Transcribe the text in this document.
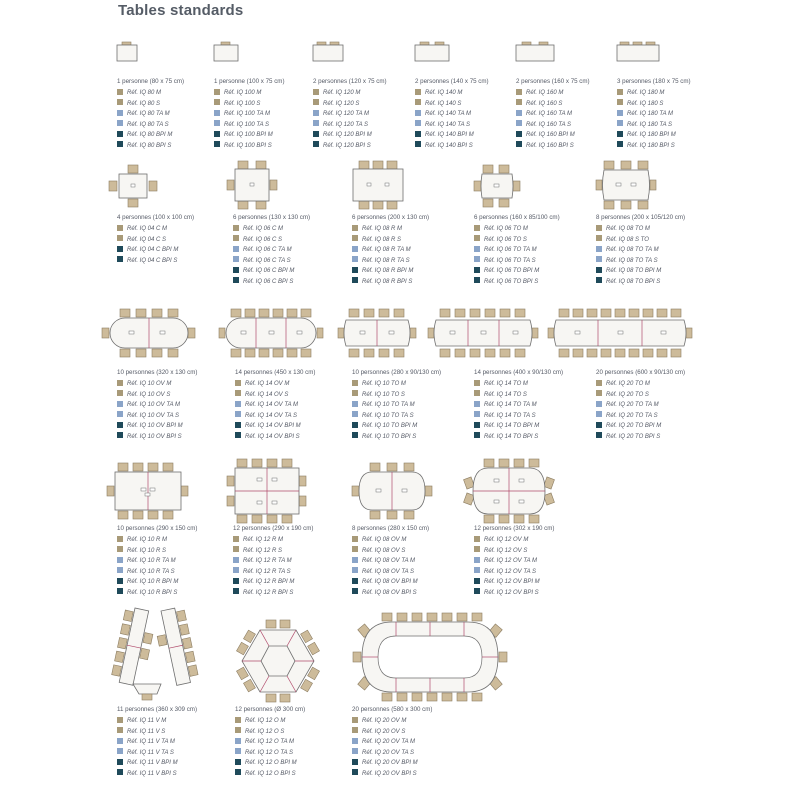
Tables standards
1 personne (80 x 75 cm)
Réf. IQ 80 M
Réf. IQ 80 S
Réf. IQ 80 TA M
Réf. IQ 80 TA S
Réf. IQ 80 BPI M
Réf. IQ 80 BPI S
1 personne (100 x 75 cm)
Réf. IQ 100 M
Réf. IQ 100 S
Réf. IQ 100 TA M
Réf. IQ 100 TA S
Réf. IQ 100 BPI M
Réf. IQ 100 BPI S
2 personnes (120 x 75 cm)
Réf. IQ 120 M
Réf. IQ 120 S
Réf. IQ 120 TA M
Réf. IQ 120 TA S
Réf. IQ 120 BPI M
Réf. IQ 120 BPI S
2 personnes (140 x 75 cm)
Réf. IQ 140 M
Réf. IQ 140 S
Réf. IQ 140 TA M
Réf. IQ 140 TA S
Réf. IQ 140 BPI M
Réf. IQ 140 BPI S
2 personnes (160 x 75 cm)
Réf. IQ 160 M
Réf. IQ 160 S
Réf. IQ 160 TA M
Réf. IQ 160 TA S
Réf. IQ 160 BPI M
Réf. IQ 160 BPI S
3 personnes (180 x 75 cm)
Réf. IQ 180 M
Réf. IQ 180 S
Réf. IQ 180 TA M
Réf. IQ 180 TA S
Réf. IQ 180 BPI M
Réf. IQ 180 BPI S
4 personnes (100 x 100 cm)
Réf. IQ 04 C M
Réf. IQ 04 C S
Réf. IQ 04 C BPI M
Réf. IQ 04 C BPI S
6 personnes (130 x 130 cm)
Réf. IQ 06 C M
Réf. IQ 06 C S
Réf. IQ 06 C TA M
Réf. IQ 06 C TA S
Réf. IQ 06 C BPI M
Réf. IQ 06 C BPI S
6 personnes (200 x 130 cm)
Réf. IQ 08 R M
Réf. IQ 08 R S
Réf. IQ 08 R TA M
Réf. IQ 08 R TA S
Réf. IQ 08 R BPI M
Réf. IQ 08 R BPI S
6 personnes (160 x 85/100 cm)
Réf. IQ 06 TO M
Réf. IQ 06 TO S
Réf. IQ 06 TO TA M
Réf. IQ 06 TO TA S
Réf. IQ 06 TO BPI M
Réf. IQ 06 TO BPI S
8 personnes (200 x 105/120 cm)
Réf. IQ 08 TO M
Réf. IQ 08 S TO
Réf. IQ 08 TO TA M
Réf. IQ 08 TO TA S
Réf. IQ 08 TO BPI M
Réf. IQ 08 TO BPI S
10 personnes (320 x 130 cm)
Réf. IQ 10 OV M
Réf. IQ 10 OV S
Réf. IQ 10 OV TA M
Réf. IQ 10 OV TA S
Réf. IQ 10 OV BPI M
Réf. IQ 10 OV BPI S
14 personnes (450 x 130 cm)
Réf. IQ 14 OV M
Réf. IQ 14 OV S
Réf. IQ 14 OV TA M
Réf. IQ 14 OV TA S
Réf. IQ 14 OV BPI M
Réf. IQ 14 OV BPI S
10 personnes (280 x 90/130 cm)
Réf. IQ 10 TO M
Réf. IQ 10 TO S
Réf. IQ 10 TO TA M
Réf. IQ 10 TO TA S
Réf. IQ 10 TO BPI M
Réf. IQ 10 TO BPI S
14 personnes (400 x 90/130 cm)
Réf. IQ 14 TO M
Réf. IQ 14 TO S
Réf. IQ 14 TO TA M
Réf. IQ 14 TO TA S
Réf. IQ 14 TO BPI M
Réf. IQ 14 TO BPI S
20 personnes (600 x 90/130 cm)
Réf. IQ 20 TO M
Réf. IQ 20 TO S
Réf. IQ 20 TO TA M
Réf. IQ 20 TO TA S
Réf. IQ 20 TO BPI M
Réf. IQ 20 TO BPI S
10 personnes (290 x 150 cm)
Réf. IQ 10 R M
Réf. IQ 10 R S
Réf. IQ 10 R TA M
Réf. IQ 10 R TA S
Réf. IQ 10 R BPI M
Réf. IQ 10 R BPI S
12 personnes (290 x 190 cm)
Réf. IQ 12 R M
Réf. IQ 12 R S
Réf. IQ 12 R TA M
Réf. IQ 12 R TA S
Réf. IQ 12 R BPI M
Réf. IQ 12 R BPI S
8 personnes (280 x 150 cm)
Réf. IQ 08 OV M
Réf. IQ 08 OV S
Réf. IQ 08 OV TA M
Réf. IQ 08 OV TA S
Réf. IQ 08 OV BPI M
Réf. IQ 08 OV BPI S
12 personnes (302 x 190 cm)
Réf. IQ 12 OV M
Réf. IQ 12 OV S
Réf. IQ 12 OV TA M
Réf. IQ 12 OV TA S
Réf. IQ 12 OV BPI M
Réf. IQ 12 OV BPI S
11 personnes (360 x 309 cm)
Réf. IQ 11 V M
Réf. IQ 11 V S
Réf. IQ 11 V TA M
Réf. IQ 11 V TA S
Réf. IQ 11 V BPI M
Réf. IQ 11 V BPI S
12 personnes (Ø 300 cm)
Réf. IQ 12 O M
Réf. IQ 12 O S
Réf. IQ 12 O TA M
Réf. IQ 12 O TA S
Réf. IQ 12 O BPI M
Réf. IQ 12 O BPI S
20 personnes (580 x 300 cm)
Réf. IQ 20 OV M
Réf. IQ 20 OV S
Réf. IQ 20 OV TA M
Réf. IQ 20 OV TA S
Réf. IQ 20 OV BPI M
Réf. IQ 20 OV BPI S
